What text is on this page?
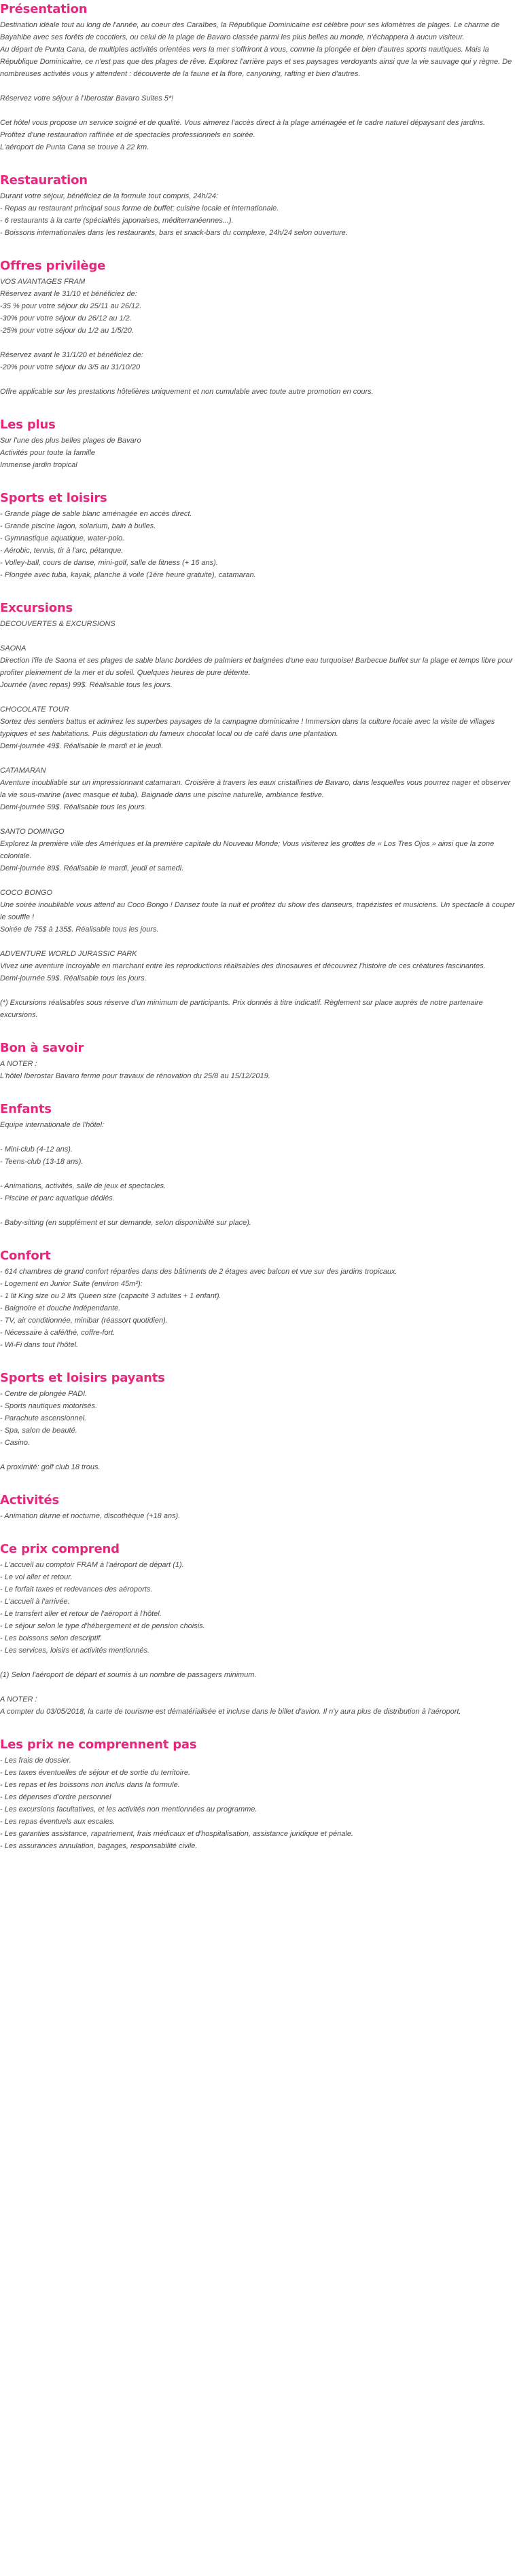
Présentation

Destination idéale tout au long de l'année, au coeur des Caraïbes, la République Dominicaine est célèbre pour ses kilomètres de plages. Le charme de Bayahibe avec ses forêts de cocotiers, ou celui de la plage de Bavaro classée parmi les plus belles au monde, n'échappera à aucun visiteur.

Au départ de Punta Cana, de multiples activités orientées vers la mer s'offriront à vous, comme la plongée et bien d'autres sports nautiques. Mais la République Dominicaine, ce n'est pas que des plages de rêve. Explorez l'arrière pays et ses paysages verdoyants ainsi que la vie sauvage qui y règne. De nombreuses activités vous y attendent : découverte de la faune et la flore, canyoning, rafting et bien d'autres.

Réservez votre séjour à l'Iberostar Bavaro Suites 5*!

Cet hôtel vous propose un service soigné et de qualité. Vous aimerez l'accès direct à la plage aménagée et le cadre naturel dépaysant des jardins.

Profitez d'une restauration raffinée et de spectacles professionnels en soirée.

L'aéroport de Punta Cana se trouve à 22 km.

Restauration

Durant votre séjour, bénéficiez de la formule tout compris, 24h/24:

- Repas au restaurant principal sous forme de buffet: cuisine locale et internationale.

- 6 restaurants à la carte (spécialités japonaises, méditerranéennes...).

- Boissons internationales dans les restaurants, bars et snack-bars du complexe, 24h/24 selon ouverture.

Offres privilège

VOS AVANTAGES FRAM

Réservez avant le 31/10 et bénéficiez de:

-35 % pour votre séjour du 25/11 au 26/12.

-30% pour votre séjour du 26/12 au 1/2.

-25% pour votre séjour du 1/2 au 1/5/20.

Réservez avant le 31/1/20 et bénéficiez de:

-20% pour votre séjour du 3/5 au 31/10/20

Offre applicable sur les prestations hôtelières uniquement et non cumulable avec toute autre promotion en cours.

Les plus

Sur l'une des plus belles plages de Bavaro

Activités pour toute la famille

Immense jardin tropical

Sports et loisirs

- Grande plage de sable blanc aménagée en accès direct.

- Grande piscine lagon, solarium, bain à bulles.

- Gymnastique aquatique, water-polo.

- Aérobic, tennis, tir à l'arc, pétanque.

- Volley-ball, cours de danse, mini-golf, salle de fitness (+ 16 ans).

- Plongée avec tuba, kayak, planche à voile (1ère heure gratuite), catamaran.

Excursions

DECOUVERTES & EXCURSIONS

SAONA

Direction l'île de Saona et ses plages de sable blanc bordées de palmiers et baignées d'une eau turquoise! Barbecue buffet sur la plage et temps libre pour profiter pleinement de la mer et du soleil. Quelques heures de pure détente.

Journée (avec repas) 99$. Réalisable tous les jours.

CHOCOLATE TOUR

Sortez des sentiers battus et admirez les superbes paysages de la campagne dominicaine ! Immersion dans la culture locale avec la visite de villages typiques et ses habitations. Puis dégustation du fameux chocolat local ou de café dans une plantation.

Demi-journée 49$. Réalisable le mardi et le jeudi.

CATAMARAN

Aventure inoubliable sur un impressionnant catamaran. Croisière à travers les eaux cristallines de Bavaro, dans lesquelles vous pourrez nager et observer la vie sous-marine (avec masque et tuba). Baignade dans une piscine naturelle, ambiance festive.

Demi-journée 59$. Réalisable tous les jours.

SANTO DOMINGO

Explorez la première ville des Amériques et la première capitale du Nouveau Monde; Vous visiterez les grottes de « Los Tres Ojos » ainsi que la zone coloniale.

Demi-journée 89$. Réalisable le mardi, jeudi et samedi.

COCO BONGO

Une soirée inoubliable vous attend au Coco Bongo ! Dansez toute la nuit et profitez du show des danseurs, trapézistes et musiciens. Un spectacle à couper le souffle !

Soirée de 75$ à 135$. Réalisable tous les jours.

ADVENTURE WORLD JURASSIC PARK

Vivez une aventure incroyable en marchant entre les reproductions réalisables des dinosaures et découvrez l'histoire de ces créatures fascinantes.

Demi-journée 59$. Réalisable tous les jours.

(*) Excursions réalisables sous réserve d'un minimum de participants. Prix donnés à titre indicatif. Règlement sur place auprès de notre partenaire excursions.

Bon à savoir

A NOTER :

L'hôtel Iberostar Bavaro ferme pour travaux de rénovation du 25/8 au 15/12/2019.

Enfants

Equipe internationale de l'hôtel:

- Mini-club (4-12 ans).

- Teens-club (13-18 ans).

- Animations, activités, salle de jeux et spectacles.

- Piscine et parc aquatique dédiés.

- Baby-sitting (en supplément et sur demande, selon disponibilité sur place).

Confort

- 614 chambres de grand confort réparties dans des bâtiments de 2 étages avec balcon et vue sur des jardins tropicaux.

- Logement en Junior Suite (environ 45m²):

- 1 lit King size ou 2 lits Queen size (capacité 3 adultes + 1 enfant).

- Baignoire et douche indépendante.

- TV, air conditionnée, minibar (réassort quotidien).

- Nécessaire à café/thé, coffre-fort.

- Wi-Fi dans tout l'hôtel.

Sports et loisirs payants

- Centre de plongée PADI.

- Sports nautiques motorisés.

- Parachute ascensionnel.

- Spa, salon de beauté.

- Casino.

A proximité: golf club 18 trous.

Activités

- Animation diurne et nocturne, discothèque (+18 ans).

Ce prix comprend

- L'accueil au comptoir FRAM à l'aéroport de départ (1).

- Le vol aller et retour.

- Le forfait taxes et redevances des aéroports.

- L'accueil à l'arrivée.

- Le transfert aller et retour de l'aéroport à l'hôtel.

- Le séjour selon le type d'hébergement et de pension choisis.

- Les boissons selon descriptif.

- Les services, loisirs et activités mentionnés.

(1) Selon l'aéroport de départ et soumis à un nombre de passagers minimum.

A NOTER :

A compter du 03/05/2018, la carte de tourisme est dématérialisée et incluse dans le billet d'avion. Il n'y aura plus de distribution à l'aéroport.

Les prix ne comprennent pas

- Les frais de dossier.

- Les taxes éventuelles de séjour et de sortie du territoire.

- Les repas et les boissons non inclus dans la formule.

- Les dépenses d'ordre personnel

- Les excursions facultatives, et les activités non mentionnées au programme.

- Les repas éventuels aux escales.

- Les garanties assistance, rapatriement, frais médicaux et d'hospitalisation, assistance juridique et pénale.

- Les assurances annulation, bagages, responsabilité civile.
